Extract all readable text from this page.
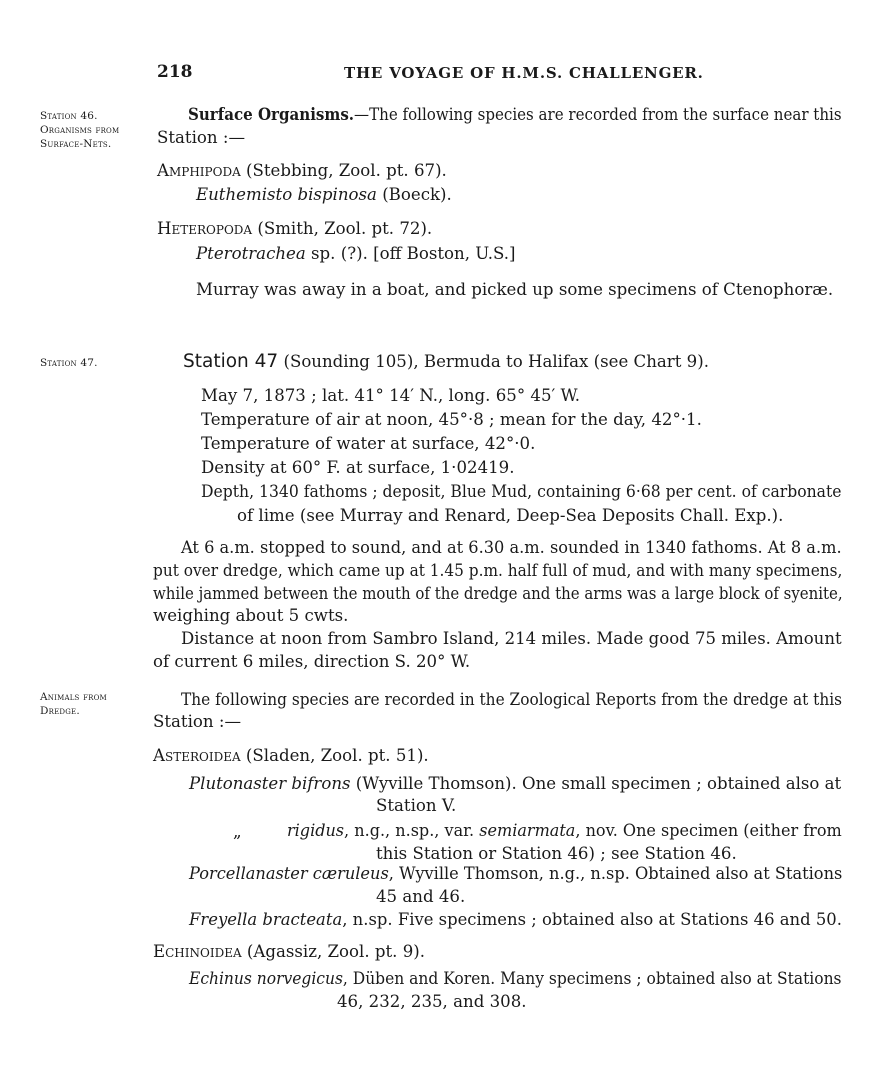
218	THE VOYAGE OF H.M.S. CHALLENGER.
Station 46.
Organisms from
Surface-Nets.
Surface Organisms.—The following species are recorded from the surface near this
Station :—
Amphipoda (Stebbing, Zool. pt. 67).
Euthemisto bispinosa (Boeck).
Heteropoda (Smith, Zool. pt. 72).
Pterotrachea sp. (?). [off Boston, U.S.]
Murray was away in a boat, and picked up some specimens of Ctenophoræ.
Station 47.	Station 47 (Sounding 105), Bermuda to Halifax (see Chart 9).
May 7, 1873 ; lat. 41° 14′ N., long. 65° 45′ W.
Temperature of air at noon, 45°·8 ; mean for the day, 42°·1.
Temperature of water at surface, 42°·0.
Density at 60° F. at surface, 1·02419.
Depth, 1340 fathoms ; deposit, Blue Mud, containing 6·68 per cent. of carbonate
of lime (see Murray and Renard, Deep-Sea Deposits Chall. Exp.).
At 6 a.m. stopped to sound, and at 6.30 a.m. sounded in 1340 fathoms. At 8 a.m.
put over dredge, which came up at 1.45 p.m. half full of mud, and with many specimens,
while jammed between the mouth of the dredge and the arms was a large block of syenite,
weighing about 5 cwts.
Distance at noon from Sambro Island, 214 miles. Made good 75 miles. Amount
of current 6 miles, direction S. 20° W.
Animals from
Dredge.
The following species are recorded in the Zoological Reports from the dredge at this
Station :—
Asteroidea (Sladen, Zool. pt. 51).
Plutonaster bifrons (Wyville Thomson). One small specimen ; obtained also at
Station V.
„	rigidus, n.g., n.sp., var. semiarmata, nov. One specimen (either from
this Station or Station 46) ; see Station 46.
Porcellanaster cæruleus, Wyville Thomson, n.g., n.sp. Obtained also at Stations
45 and 46.
Freyella bracteata, n.sp. Five specimens ; obtained also at Stations 46 and 50.
Echinoidea (Agassiz, Zool. pt. 9).
Echinus norvegicus, Düben and Koren. Many specimens ; obtained also at Stations
46, 232, 235, and 308.
